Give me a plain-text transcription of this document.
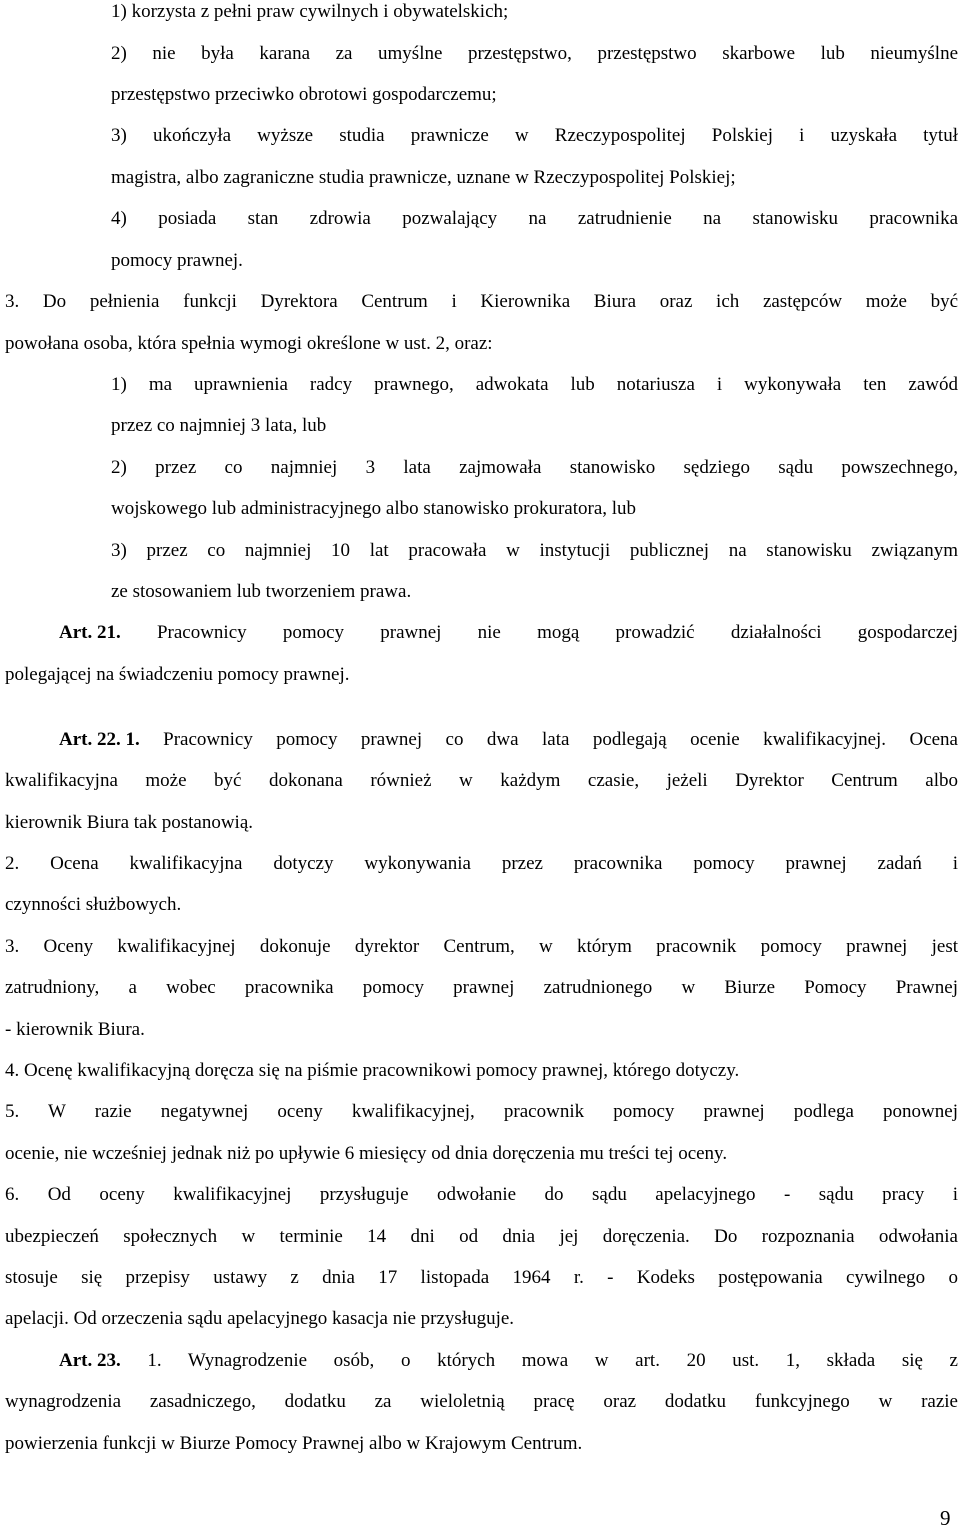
1) korzysta z pełni praw cywilnych i obywatelskich;
2) nie była karana za umyślne przestępstwo, przestępstwo skarbowe lub nieumyślne
przestępstwo przeciwko obrotowi gospodarczemu;
3) ukończyła wyższe studia prawnicze w Rzeczypospolitej Polskiej i uzyskała tytuł
magistra, albo zagraniczne studia prawnicze, uznane w Rzeczypospolitej Polskiej;
4) posiada stan zdrowia pozwalający na zatrudnienie na stanowisku pracownika
pomocy prawnej.
3. Do pełnienia funkcji Dyrektora Centrum i Kierownika Biura oraz ich zastępców może być
powołana osoba, która spełnia wymogi określone w ust. 2, oraz:
1) ma uprawnienia radcy prawnego, adwokata lub notariusza i wykonywała ten zawód
przez co najmniej 3 lata, lub
2) przez co najmniej 3 lata zajmowała stanowisko sędziego sądu powszechnego,
wojskowego lub administracyjnego albo stanowisko prokuratora, lub
3) przez co najmniej 10 lat pracowała w instytucji publicznej na stanowisku związanym
ze stosowaniem lub tworzeniem prawa.
Art. 21. Pracownicy pomocy prawnej nie mogą prowadzić działalności gospodarczej
polegającej na świadczeniu pomocy prawnej.
Art. 22. 1. Pracownicy pomocy prawnej co dwa lata podlegają ocenie kwalifikacyjnej. Ocena
kwalifikacyjna może być dokonana również w każdym czasie, jeżeli Dyrektor Centrum albo
kierownik Biura tak postanowią.
2. Ocena kwalifikacyjna dotyczy wykonywania przez pracownika pomocy prawnej zadań i
czynności służbowych.
3. Oceny kwalifikacyjnej dokonuje dyrektor Centrum, w którym pracownik pomocy prawnej jest
zatrudniony, a wobec pracownika pomocy prawnej zatrudnionego w Biurze Pomocy Prawnej
- kierownik Biura.
4. Ocenę kwalifikacyjną doręcza się na piśmie pracownikowi pomocy prawnej, którego dotyczy.
5. W razie negatywnej oceny kwalifikacyjnej, pracownik pomocy prawnej podlega ponownej
ocenie, nie wcześniej jednak niż po upływie 6 miesięcy od dnia doręczenia mu treści tej oceny.
6. Od oceny kwalifikacyjnej przysługuje odwołanie do sądu apelacyjnego - sądu pracy i
ubezpieczeń społecznych w terminie 14 dni od dnia jej doręczenia. Do rozpoznania odwołania
stosuje się przepisy ustawy z dnia 17 listopada 1964 r. - Kodeks postępowania cywilnego o
apelacji. Od orzeczenia sądu apelacyjnego kasacja nie przysługuje.
Art. 23. 1. Wynagrodzenie osób, o których mowa w art. 20 ust. 1, składa się z
wynagrodzenia zasadniczego, dodatku za wieloletnią pracę oraz dodatku funkcyjnego w razie
powierzenia funkcji w Biurze Pomocy Prawnej albo w Krajowym Centrum.
9
